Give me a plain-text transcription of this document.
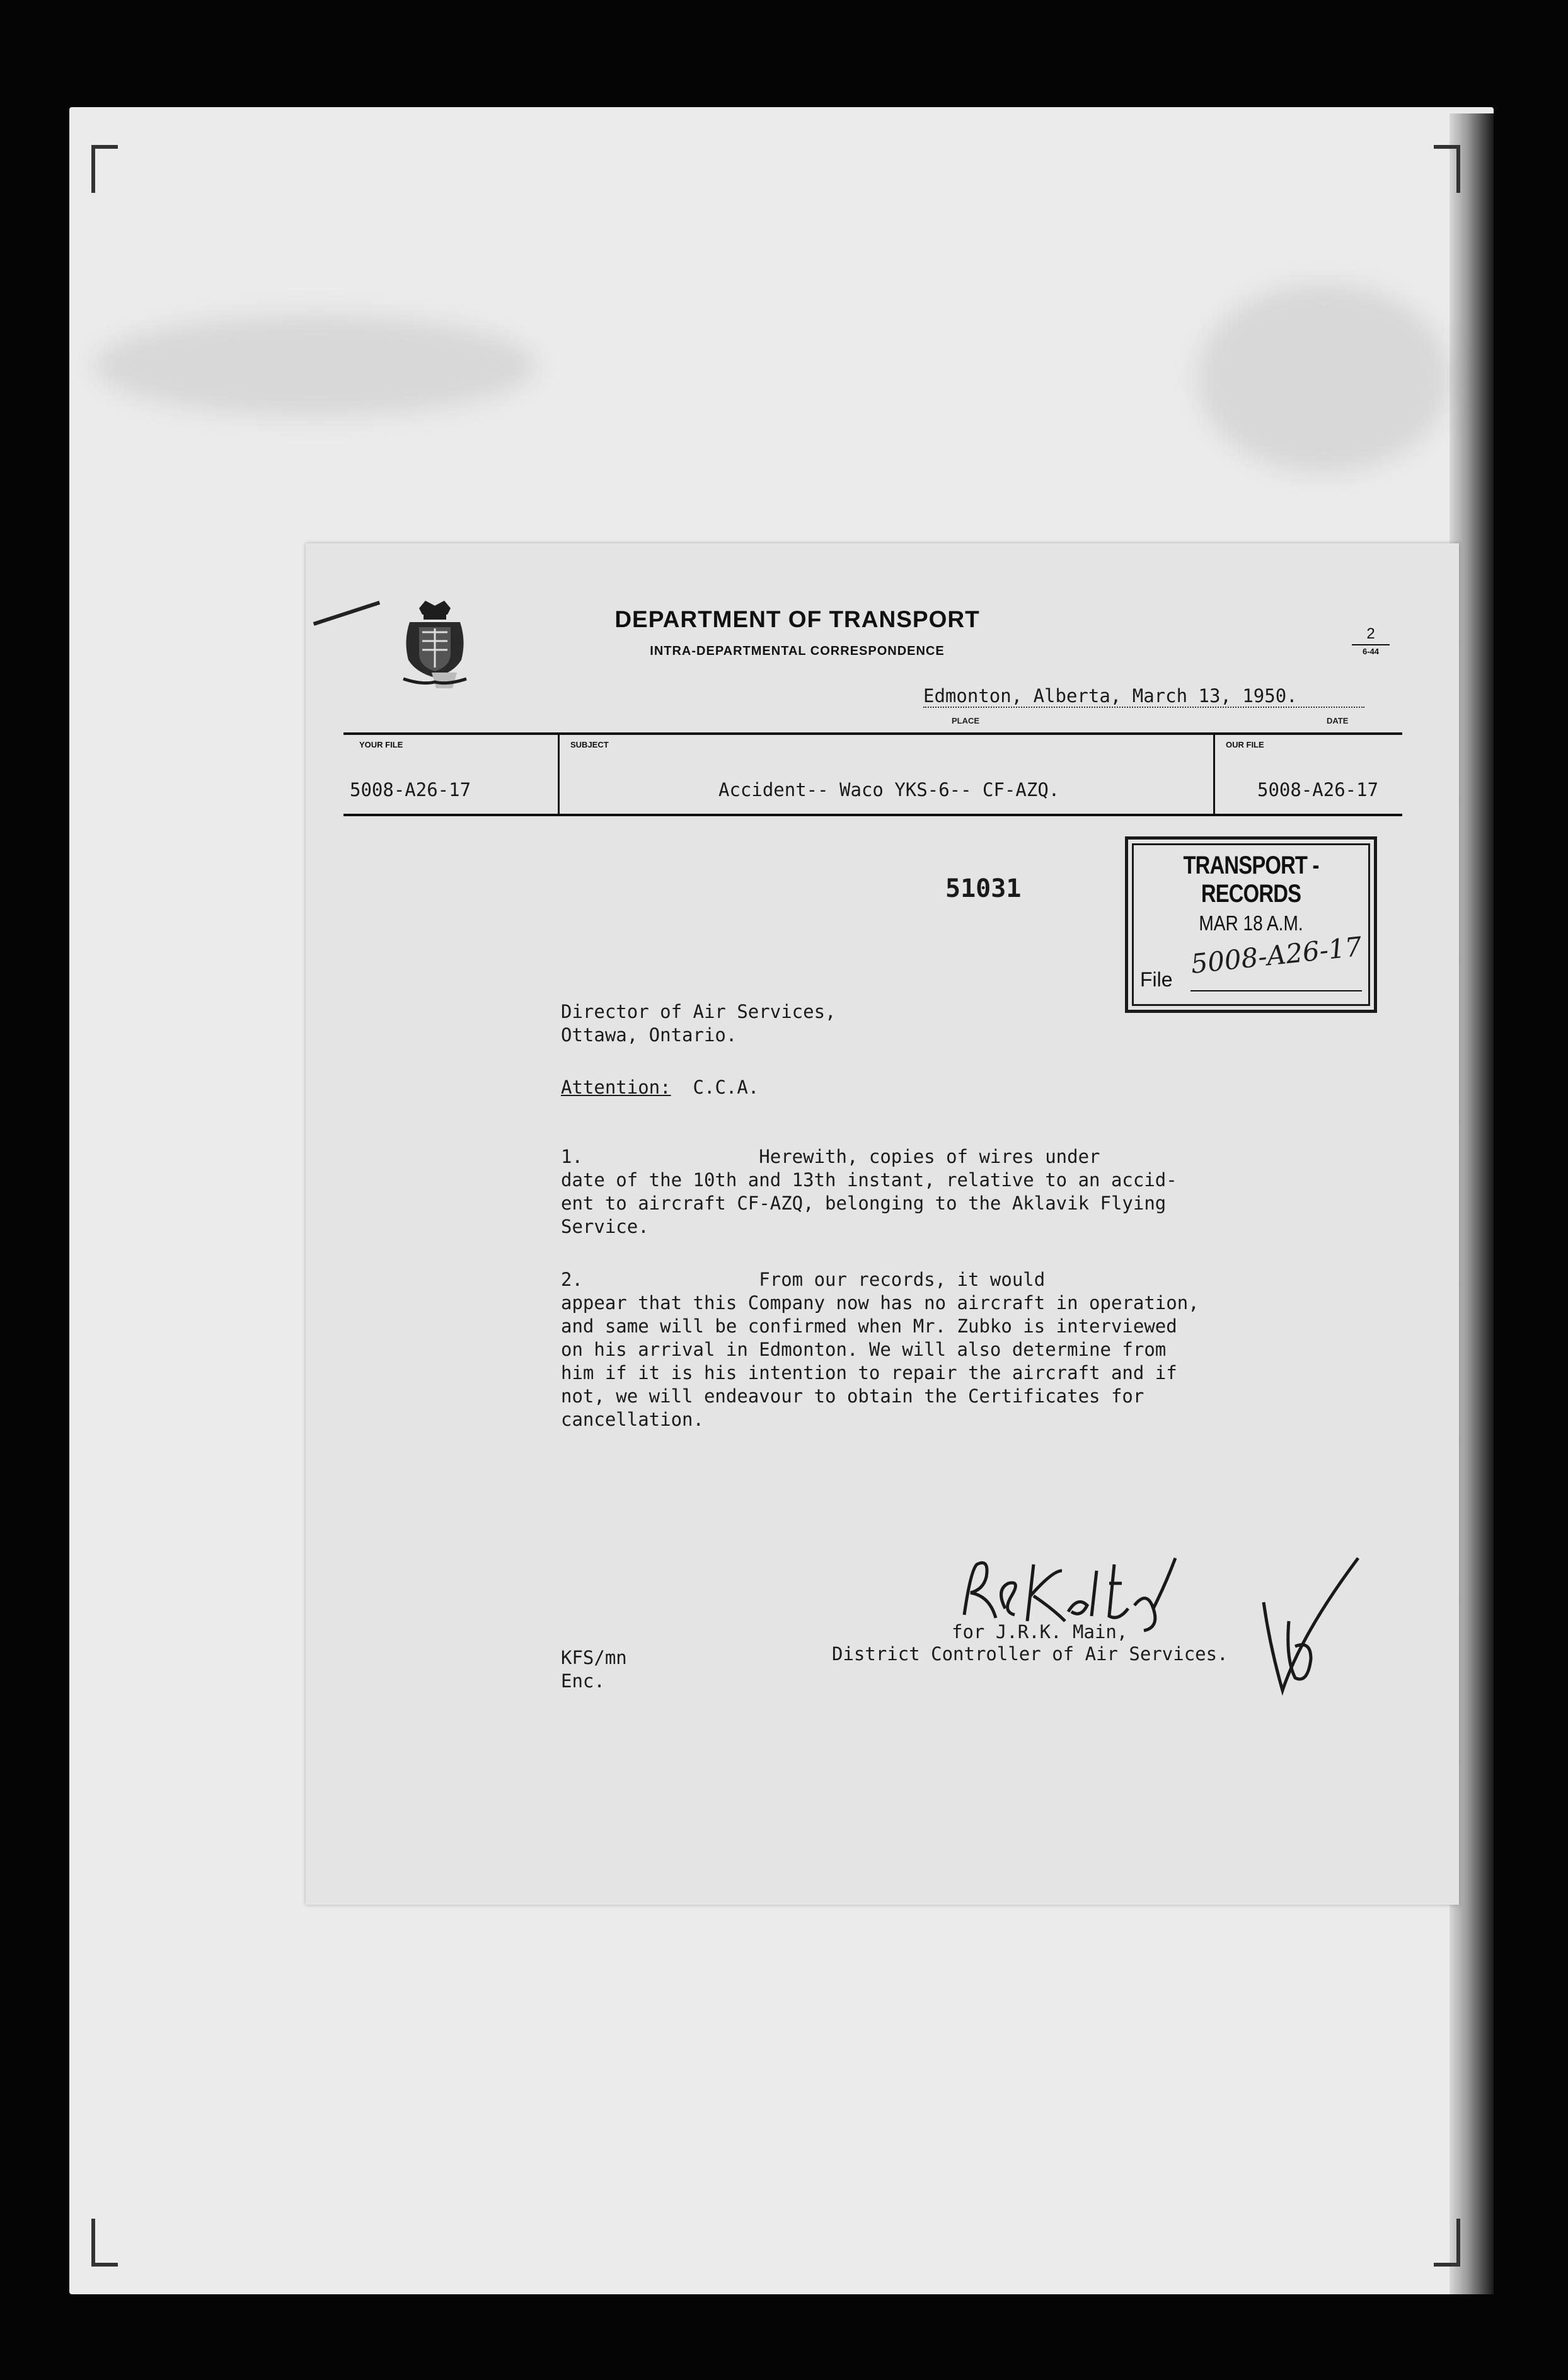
DEPARTMENT OF TRANSPORT
INTRA-DEPARTMENTAL CORRESPONDENCE
2
6-44
Edmonton, Alberta, March 13, 1950.
PLACE	DATE
YOUR FILE
5008-A26-17
SUBJECT
Accident-- Waco YKS-6-- CF-AZQ.
OUR FILE
5008-A26-17
51031
TRANSPORT - RECORDS
MAR 18 A.M.
5008-A26-17
File
Director of Air Services,
Ottawa, Ontario.
Attention: C.C.A.
1.                Herewith, copies of wires under
date of the 10th and 13th instant, relative to an accid-
ent to aircraft CF-AZQ, belonging to the Aklavik Flying
Service.
2.                From our records, it would
appear that this Company now has no aircraft in operation,
and same will be confirmed when Mr. Zubko is interviewed
on his arrival in Edmonton. We will also determine from
him if it is his intention to repair the aircraft and if
not, we will endeavour to obtain the Certificates for
cancellation.
for J.R.K. Main,
District Controller of Air Services.
KFS/mn
Enc.
